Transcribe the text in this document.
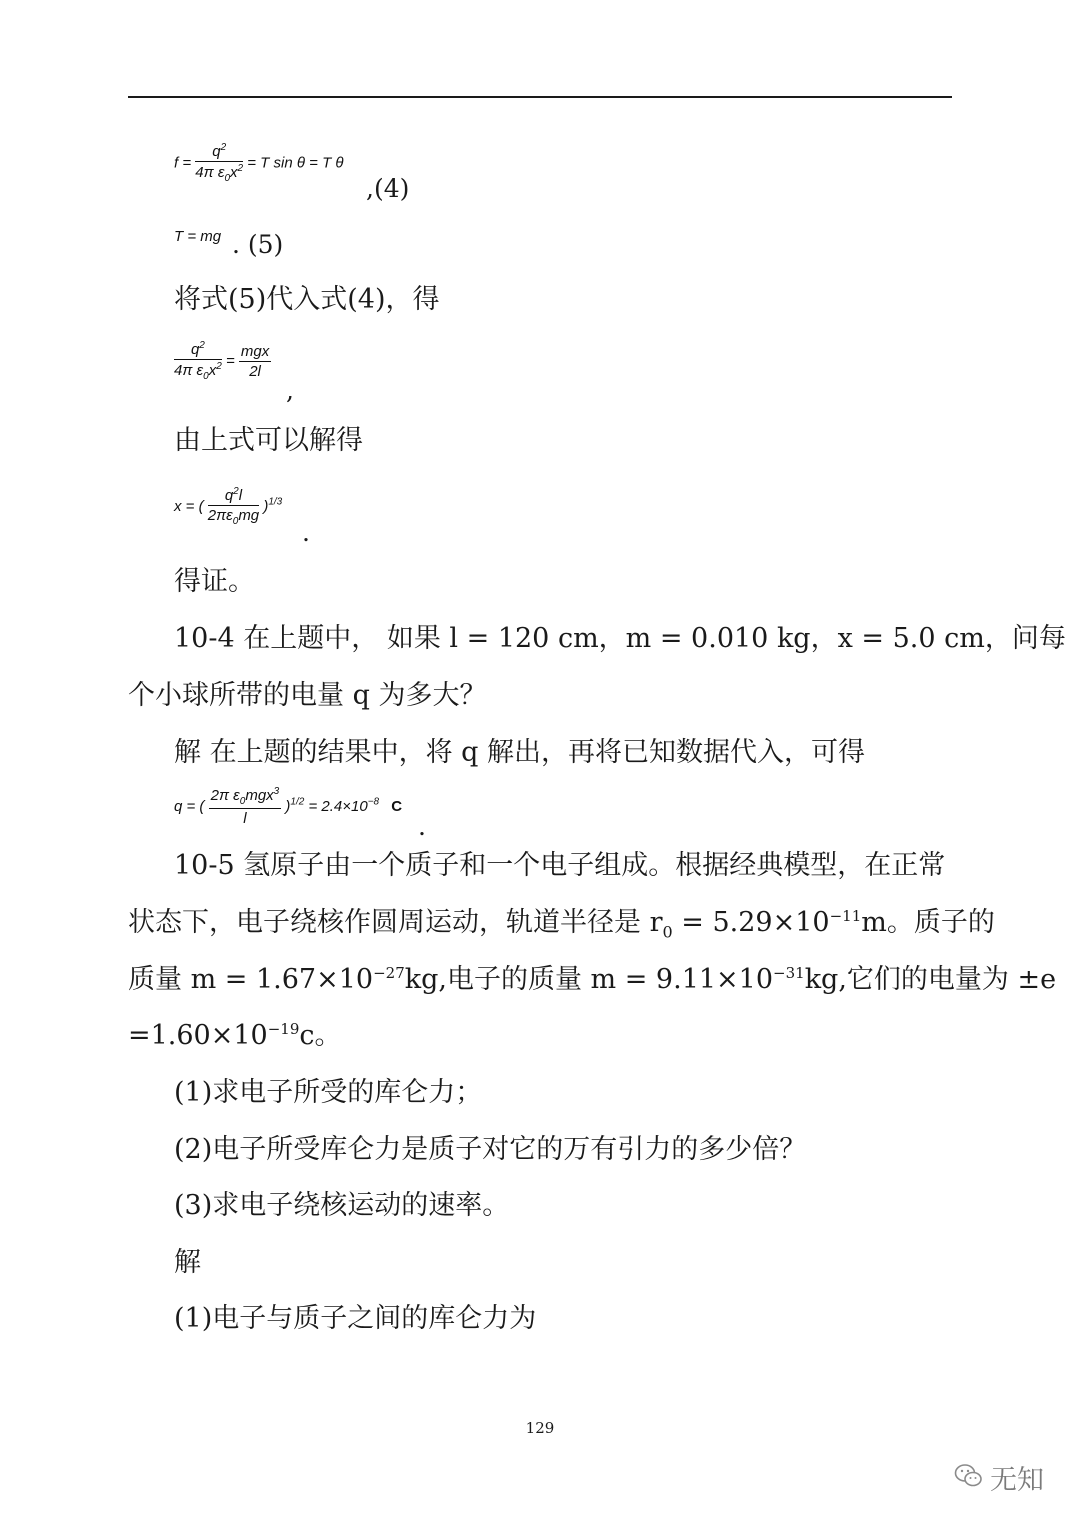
$f = \frac{q^2}{4\pi \varepsilon_0x^2} = T$ sin θ = T θ
,(4)
T = mg . (5)
将式(5)代入式(4)，得
$\frac{q^2}{4\pi \varepsilon_0x^2} = \frac{\text{mgx}}{2l}$
,
由上式可以解得
x = ( $\frac{q^2l}{2\pi\varepsilon_0mg} )^{1/3}$
.
得证。
10-4 在上题中， 如果 l = 120 cm，m = 0.010 kg，x = 5.0 cm，问每
个小球所带的电量 q 为多大？
解 在上题的结果中，将 q 解出，再将已知数据代入，可得
q = ( $\frac{2\pi \varepsilon_0mgx^3}{l} )^{1/2} = 2.4\times 10^{-8}$ C
.
10-5 氢原子由一个质子和一个电子组成。根据经典模型，在正常
状态下，电子绕核作圆周运动，轨道半径是 $r_0 = 5.29\times 10^{-11}m$。质子的
质量 $m = 1.67\times 10^{-27}kg$,电子的质量 $m = 9.11\times 10^{-31}kg$,它们的电量为 ±e
$=1.60\times 10^{-19}c$。
(1)求电子所受的库仑力；
(2)电子所受库仑力是质子对它的万有引力的多少倍？
(3)求电子绕核运动的速率。
解
(1)电子与质子之间的库仑力为
129
无知
